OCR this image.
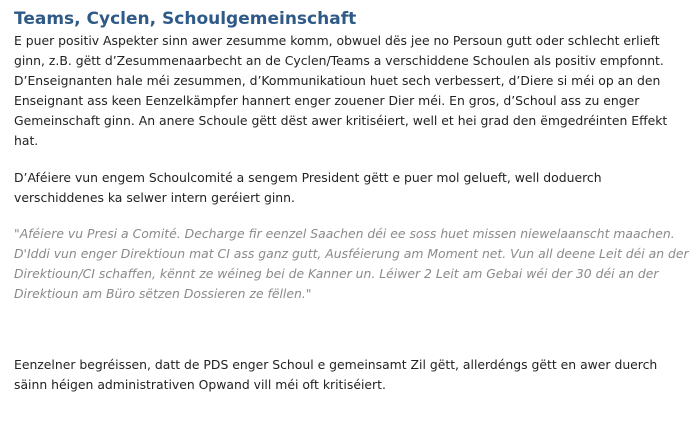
Teams, Cyclen, Schoulgemeinschaft

E puer positiv Aspekter sinn awer zesumme komm, obwuel dës jee no Persoun gutt oder schlecht erlieft ginn, z.B. gëtt d’Zesummenaarbecht an de Cyclen/Teams a verschiddene Schoulen als positiv empfonnt. D’Enseignanten hale méi zesummen, d’Kommunikatioun huet sech verbessert, d’Diere si méi op an den Enseignant ass keen Eenzelkämpfer hannert enger zouener Dier méi. En gros, d’Schoul ass zu enger Gemeinschaft ginn. An anere Schoule gëtt dëst awer kritiséiert, well et hei grad den ëmgedréinten Effekt hat.

D’Aféiere vun engem Schoulcomité a sengem President gëtt e puer mol gelueft, well doduerch verschiddenes ka selwer intern geréiert ginn.

"Aféiere vu Presi a Comité. Decharge fir eenzel Saachen déi ee soss huet missen niewelaanscht maachen. D'Iddi vun enger Direktioun mat CI ass ganz gutt, Ausféierung am Moment net. Vun all deene Leit déi an der Direktioun/CI schaffen, kënnt ze wéineg bei de Kanner un. Léiwer 2 Leit am Gebai wéi der 30 déi an der Direktioun am Büro sëtzen Dossieren ze fëllen."

Eenzelner begréissen, datt de PDS enger Schoul e gemeinsamt Zil gëtt, allerdéngs gëtt en awer duerch säinn héigen administrativen Opwand vill méi oft kritiséiert.
